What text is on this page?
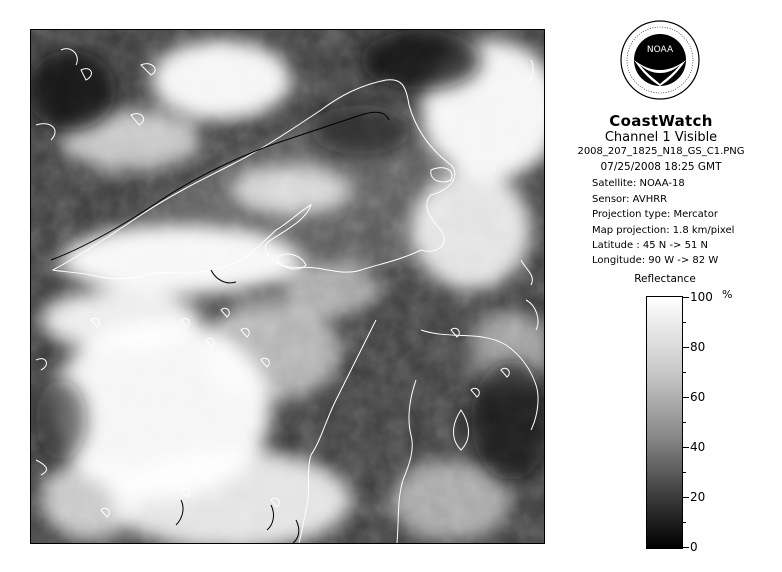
NOAA
CoastWatch
Channel 1 Visible
2008_207_1825_N18_GS_C1.PNG
07/25/2008 18:25 GMT
Satellite: NOAA-18
Sensor: AVHRR
Projection type: Mercator
Map projection: 1.8 km/pixel
Latitude : 45 N -> 51 N
Longitude: 90 W -> 82 W
Reflectance
%
100
80
60
40
20
0
